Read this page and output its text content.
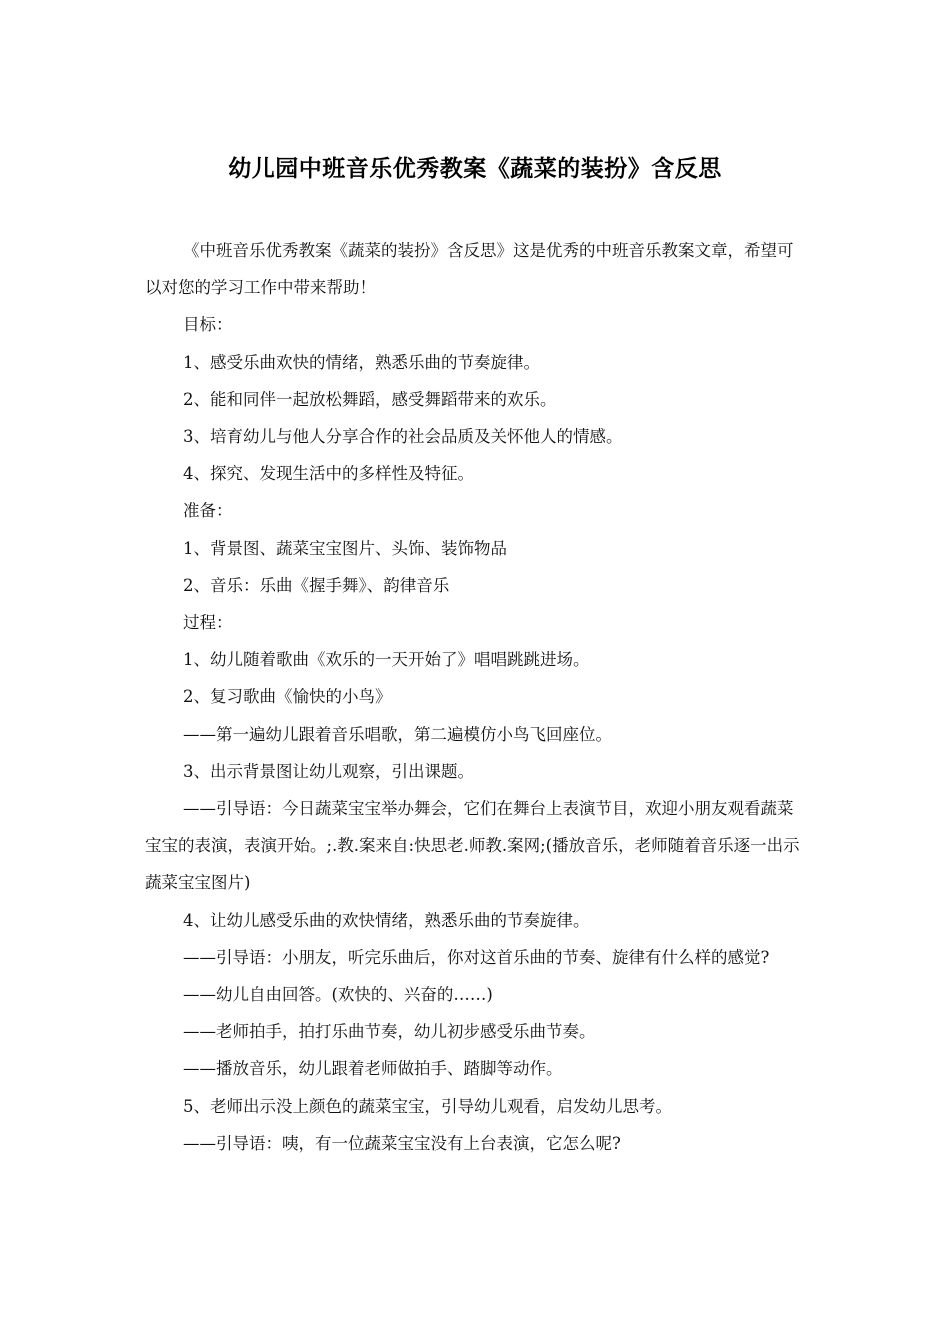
幼儿园中班音乐优秀教案《蔬菜的装扮》含反思

《中班音乐优秀教案《蔬菜的装扮》含反思》这是优秀的中班音乐教案文章，希望可以对您的学习工作中带来帮助！

目标：

1、感受乐曲欢快的情绪，熟悉乐曲的节奏旋律。

2、能和同伴一起放松舞蹈，感受舞蹈带来的欢乐。

3、培育幼儿与他人分享合作的社会品质及关怀他人的情感。

4、探究、发现生活中的多样性及特征。

准备：

1、背景图、蔬菜宝宝图片、头饰、装饰物品

2、音乐：乐曲《握手舞》、韵律音乐

过程：

1、幼儿随着歌曲《欢乐的一天开始了》唱唱跳跳进场。

2、复习歌曲《愉快的小鸟》

——第一遍幼儿跟着音乐唱歌，第二遍模仿小鸟飞回座位。

3、出示背景图让幼儿观察，引出课题。

——引导语：今日蔬菜宝宝举办舞会，它们在舞台上表演节目，欢迎小朋友观看蔬菜宝宝的表演，表演开始。;.教.案来自:快思老.师教.案网;(播放音乐，老师随着音乐逐一出示蔬菜宝宝图片)

4、让幼儿感受乐曲的欢快情绪，熟悉乐曲的节奏旋律。

——引导语：小朋友，听完乐曲后，你对这首乐曲的节奏、旋律有什么样的感觉?

——幼儿自由回答。(欢快的、兴奋的……)

——老师拍手，拍打乐曲节奏，幼儿初步感受乐曲节奏。

——播放音乐，幼儿跟着老师做拍手、踏脚等动作。

5、老师出示没上颜色的蔬菜宝宝，引导幼儿观看，启发幼儿思考。

——引导语：咦，有一位蔬菜宝宝没有上台表演，它怎么呢?
